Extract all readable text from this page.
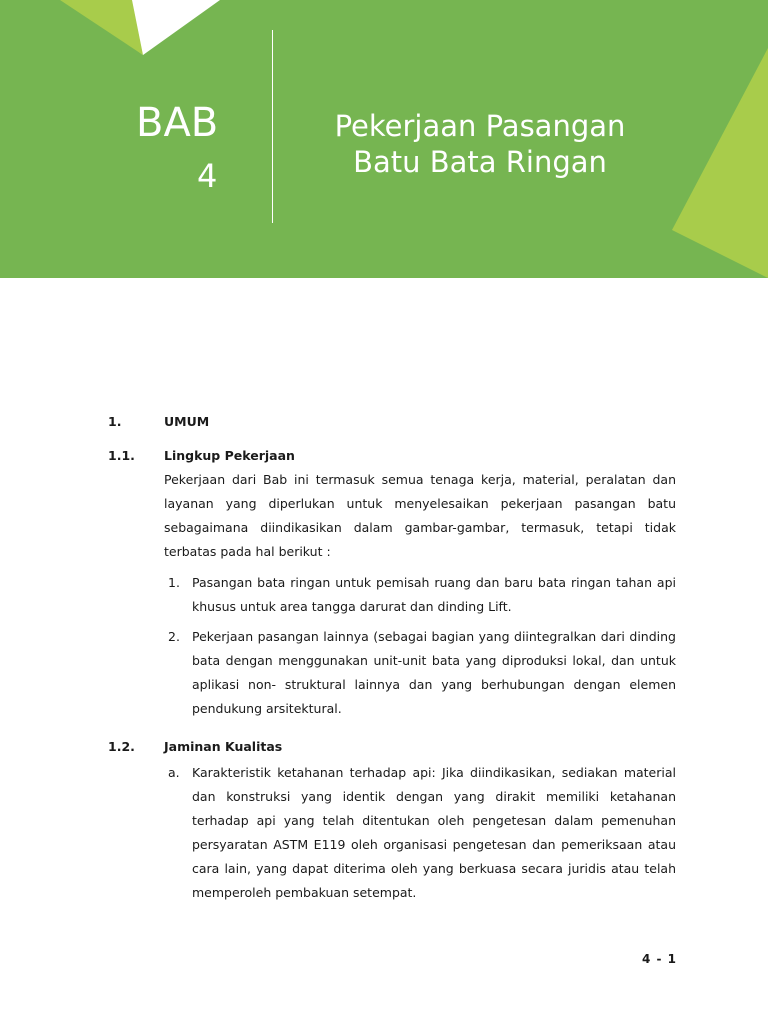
BAB
4
Pekerjaan Pasangan
Batu Bata Ringan
1.	UMUM
1.1. Lingkup Pekerjaan
Pekerjaan dari Bab ini termasuk semua tenaga kerja, material, peralatan dan layanan yang diperlukan untuk menyelesaikan pekerjaan pasangan batu sebagaimana diindikasikan dalam gambar-gambar, termasuk, tetapi tidak terbatas pada hal berikut :
1. Pasangan bata ringan untuk pemisah ruang dan baru bata ringan tahan api khusus untuk area tangga darurat dan dinding Lift.
2. Pekerjaan pasangan lainnya (sebagai bagian yang diintegralkan dari dinding bata dengan menggunakan unit-unit bata yang diproduksi lokal, dan untuk aplikasi non- struktural lainnya dan yang berhubungan dengan elemen pendukung arsitektural.
1.2. Jaminan Kualitas
a. Karakteristik ketahanan terhadap api: Jika diindikasikan, sediakan material dan konstruksi yang identik dengan yang dirakit memiliki ketahanan terhadap api yang telah ditentukan oleh pengetesan dalam pemenuhan persyaratan ASTM E119 oleh organisasi pengetesan dan pemeriksaan atau cara lain, yang dapat diterima oleh yang berkuasa secara juridis atau telah memperoleh pembakuan setempat.
4 - 1
